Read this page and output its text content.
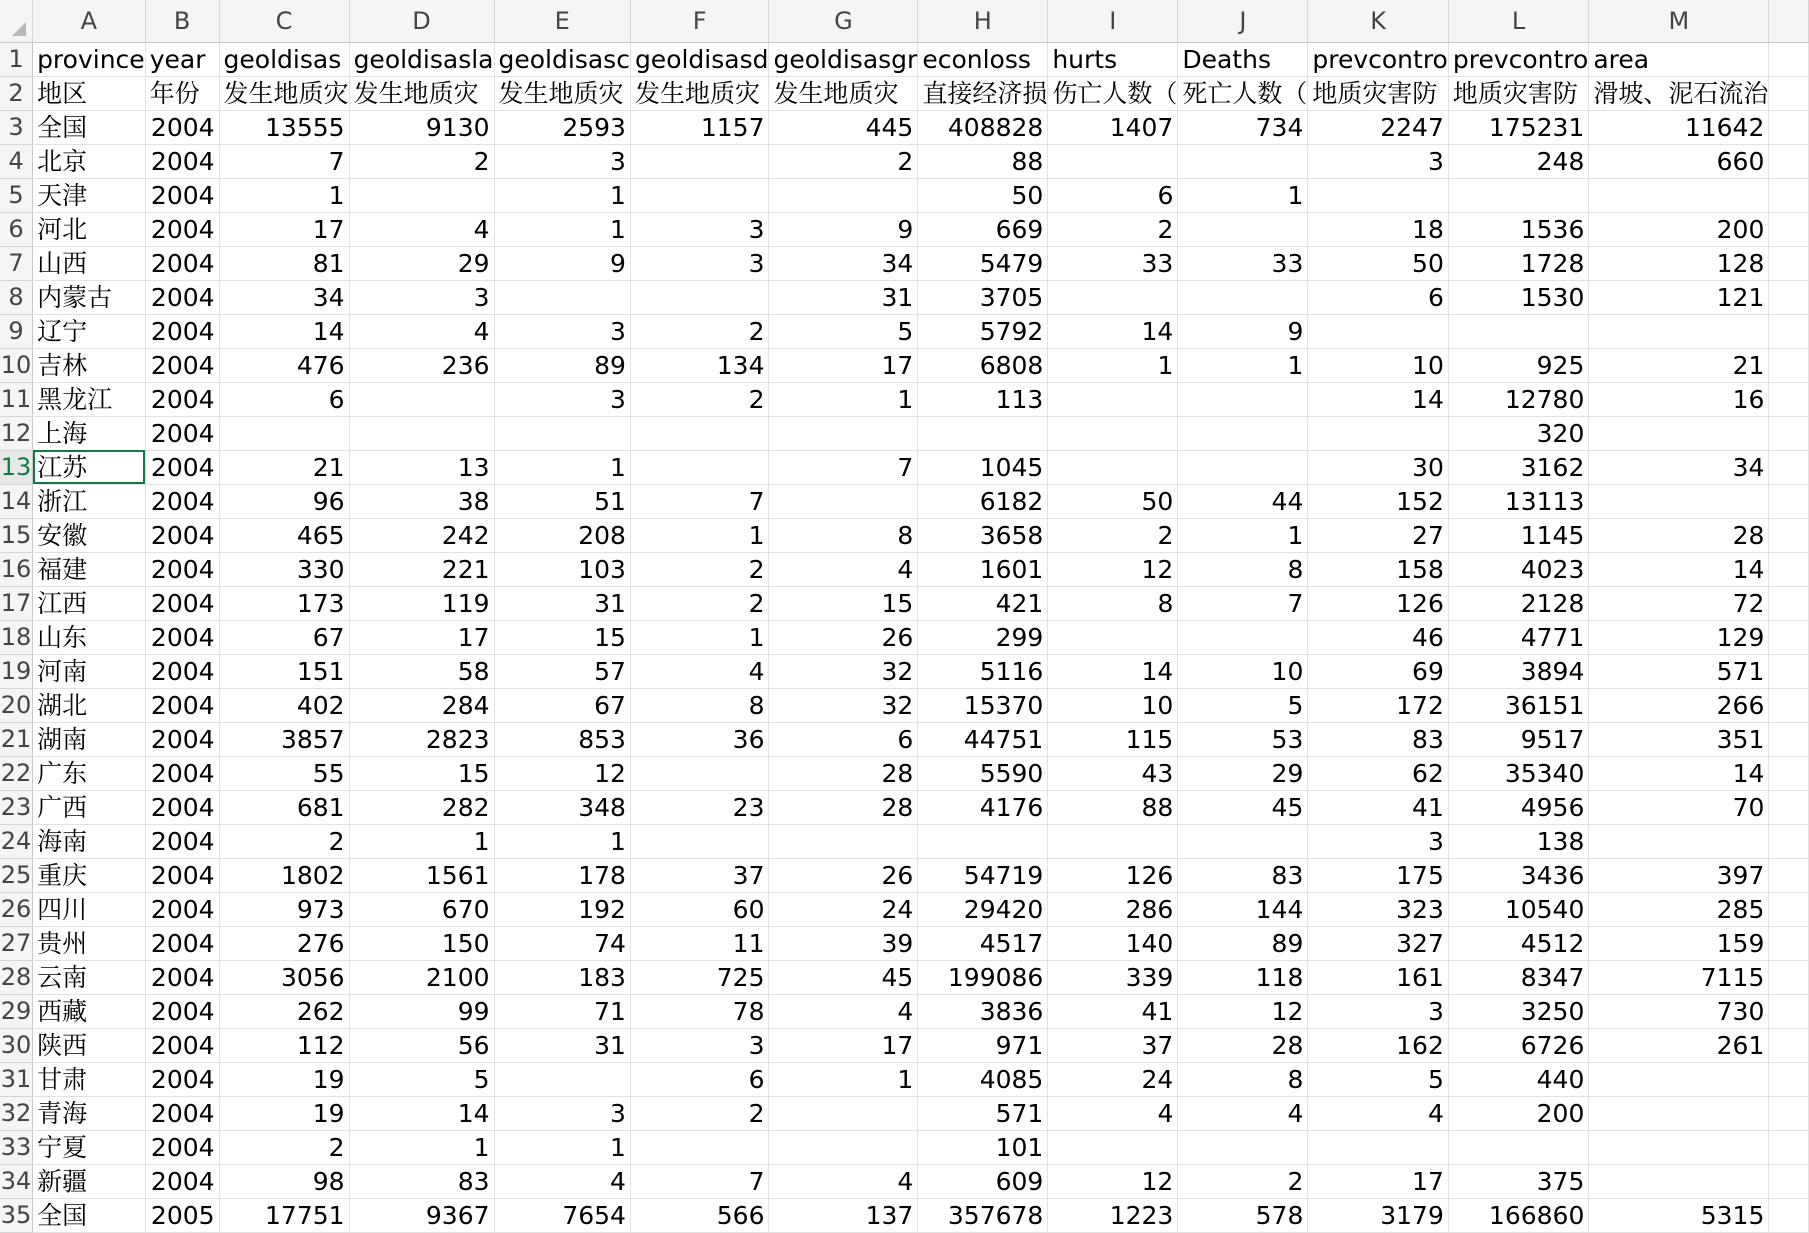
	A	B	C	D	E	F	G	H	I	J	K	L	M	
1	province	year	geoldisas	geoldisasla	geoldisasc	geoldisasd	geoldisasgr	econloss	hurts	Deaths	prevcontro	prevcontro	area	
2	地区	年份	发生地质灾	发生地质灾	发生地质灾	发生地质灾	发生地质灾	直接经济损	伤亡人数（	死亡人数（	地质灾害防	地质灾害防	滑坡、泥石流治	
3	全国	2004	13555	9130	2593	1157	445	408828	1407	734	2247	175231	11642	
4	北京	2004	7	2	3		2	88			3	248	660	
5	天津	2004	1		1			50	6	1				
6	河北	2004	17	4	1	3	9	669	2		18	1536	200	
7	山西	2004	81	29	9	3	34	5479	33	33	50	1728	128	
8	内蒙古	2004	34	3			31	3705			6	1530	121	
9	辽宁	2004	14	4	3	2	5	5792	14	9				
10	吉林	2004	476	236	89	134	17	6808	1	1	10	925	21	
11	黑龙江	2004	6		3	2	1	113			14	12780	16	
12	上海	2004										320		
13	江苏	2004	21	13	1		7	1045			30	3162	34	
14	浙江	2004	96	38	51	7		6182	50	44	152	13113		
15	安徽	2004	465	242	208	1	8	3658	2	1	27	1145	28	
16	福建	2004	330	221	103	2	4	1601	12	8	158	4023	14	
17	江西	2004	173	119	31	2	15	421	8	7	126	2128	72	
18	山东	2004	67	17	15	1	26	299			46	4771	129	
19	河南	2004	151	58	57	4	32	5116	14	10	69	3894	571	
20	湖北	2004	402	284	67	8	32	15370	10	5	172	36151	266	
21	湖南	2004	3857	2823	853	36	6	44751	115	53	83	9517	351	
22	广东	2004	55	15	12		28	5590	43	29	62	35340	14	
23	广西	2004	681	282	348	23	28	4176	88	45	41	4956	70	
24	海南	2004	2	1	1						3	138		
25	重庆	2004	1802	1561	178	37	26	54719	126	83	175	3436	397	
26	四川	2004	973	670	192	60	24	29420	286	144	323	10540	285	
27	贵州	2004	276	150	74	11	39	4517	140	89	327	4512	159	
28	云南	2004	3056	2100	183	725	45	199086	339	118	161	8347	7115	
29	西藏	2004	262	99	71	78	4	3836	41	12	3	3250	730	
30	陕西	2004	112	56	31	3	17	971	37	28	162	6726	261	
31	甘肃	2004	19	5		6	1	4085	24	8	5	440		
32	青海	2004	19	14	3	2		571	4	4	4	200		
33	宁夏	2004	2	1	1			101						
34	新疆	2004	98	83	4	7	4	609	12	2	17	375		
35	全国	2005	17751	9367	7654	566	137	357678	1223	578	3179	166860	5315	
